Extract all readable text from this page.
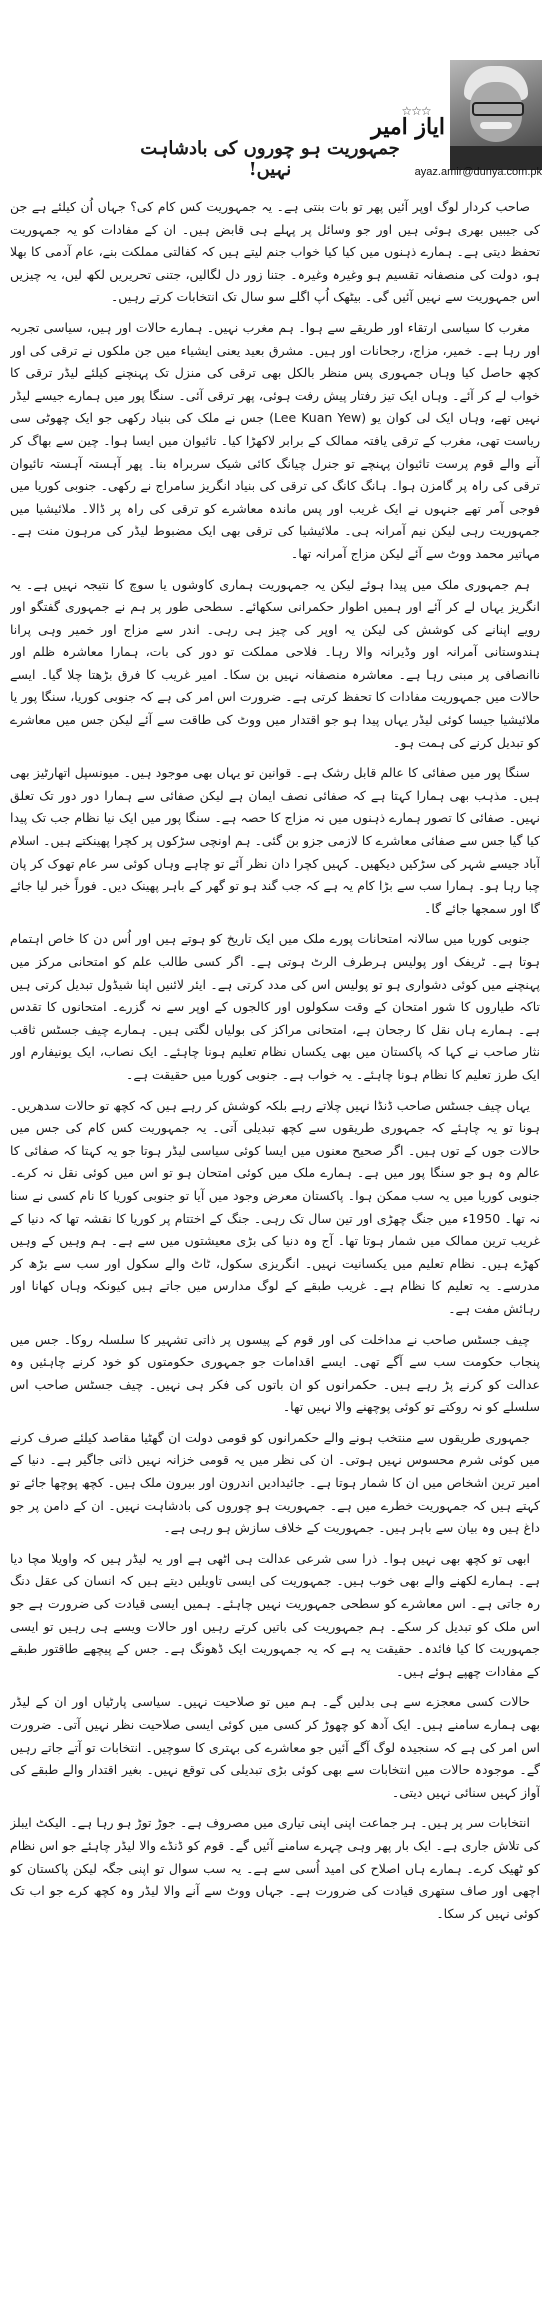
☆☆☆
ایاز امیر
جمہوریت ہو چوروں کی بادشاہت نہیں!	ayaz.amir@dunya.com.pk

صاحب کردار لوگ اوپر آئیں پھر تو بات بنتی ہے۔ یہ جمہوریت کس کام کی؟ جہاں اُن کیلئے ہے جن کی جیبیں بھری ہوئی ہیں اور جو وسائل پر پہلے ہی قابض ہیں۔ ان کے مفادات کو یہ جمہوریت تحفظ دیتی ہے۔ ہمارے ذہنوں میں کیا کیا خواب جنم لیتے ہیں کہ کفالتی مملکت بنے، عام آدمی کا بھلا ہو، دولت کی منصفانہ تقسیم ہو وغیرہ وغیرہ۔ جتنا زور دل لگالیں، جتنی تحریریں لکھ لیں، یہ چیزیں اس جمہوریت سے نہیں آئیں گی۔ بیٹھک اُپ اگلے سو سال تک انتخابات کرتے رہیں۔

مغرب کا سیاسی ارتقاء اور طریقے سے ہوا۔ ہم مغرب نہیں۔ ہمارے حالات اور ہیں، سیاسی تجربہ اور رہا ہے۔ خمیر، مزاج، رجحانات اور ہیں۔ مشرق بعید یعنی ایشیاء میں جن ملکوں نے ترقی کی اور کچھ حاصل کیا وہاں جمہوری پس منظر بالکل بھی ترقی کی منزل تک پہنچنے کیلئے لیڈر ترقی کا خواب لے کر آئے۔ وہاں ایک تیز رفتار پیش رفت ہوئی، پھر ترقی آئی۔ سنگا پور میں ہمارے جیسے لیڈر نہیں تھے، وہاں ایک لی کوان یو (Lee Kuan Yew) جس نے ملک کی بنیاد رکھی جو ایک چھوٹی سی ریاست تھی، مغرب کے ترقی یافتہ ممالک کے برابر لاکھڑا کیا۔ تائیوان میں ایسا ہوا۔ چین سے بھاگ کر آنے والے قوم پرست تائیوان پہنچے تو جنرل چیانگ کائی شیک سربراہ بنا۔ پھر آہستہ آہستہ تائیوان ترقی کی راہ پر گامزن ہوا۔ ہانگ کانگ کی ترقی کی بنیاد انگریز سامراج نے رکھی۔ جنوبی کوریا میں فوجی آمر تھے جنہوں نے ایک غریب اور پس ماندہ معاشرے کو ترقی کی راہ پر ڈالا۔ ملائیشیا میں جمہوریت رہی لیکن نیم آمرانہ ہی۔ ملائیشیا کی ترقی بھی ایک مضبوط لیڈر کی مرہون منت ہے۔ مہاتیر محمد ووٹ سے آئے لیکن مزاج آمرانہ تھا۔

ہم جمہوری ملک میں پیدا ہوئے لیکن یہ جمہوریت ہماری کاوشوں یا سوچ کا نتیجہ نہیں ہے۔ یہ انگریز یہاں لے کر آئے اور ہمیں اطوار حکمرانی سکھائے۔ سطحی طور پر ہم نے جمہوری گفتگو اور رویے اپنانے کی کوشش کی لیکن یہ اوپر کی چیز ہی رہی۔ اندر سے مزاج اور خمیر وہی پرانا ہندوستانی آمرانہ اور وڈیرانہ والا رہا۔ فلاحی مملکت تو دور کی بات، ہمارا معاشرہ ظلم اور ناانصافی پر مبنی رہا ہے۔ معاشرہ منصفانہ نہیں بن سکا۔ امیر غریب کا فرق بڑھتا چلا گیا۔ ایسے حالات میں جمہوریت مفادات کا تحفظ کرتی ہے۔ ضرورت اس امر کی ہے کہ جنوبی کوریا، سنگا پور یا ملائیشیا جیسا کوئی لیڈر یہاں پیدا ہو جو اقتدار میں ووٹ کی طاقت سے آئے لیکن جس میں معاشرے کو تبدیل کرنے کی ہمت ہو۔

سنگا پور میں صفائی کا عالم قابل رشک ہے۔ قوانین تو یہاں بھی موجود ہیں۔ میونسپل اتھارٹیز بھی ہیں۔ مذہب بھی ہمارا کہتا ہے کہ صفائی نصف ایمان ہے لیکن صفائی سے ہمارا دور دور تک تعلق نہیں۔ صفائی کا تصور ہمارے ذہنوں میں نہ مزاج کا حصہ ہے۔ سنگا پور میں ایک نیا نظام جب تک پیدا کیا گیا جس سے صفائی معاشرے کا لازمی جزو بن گئی۔ ہم اونچی سڑکوں پر کچرا پھینکتے ہیں۔ اسلام آباد جیسے شہر کی سڑکیں دیکھیں۔ کہیں کچرا دان نظر آئے تو چاہے وہاں کوئی سر عام تھوک کر پان چبا رہا ہو۔ ہمارا سب سے بڑا کام یہ ہے کہ جب گند ہو تو گھر کے باہر پھینک دیں۔ فوراً خبر لیا جائے گا اور سمجھا جائے گا۔

جنوبی کوریا میں سالانہ امتحانات پورے ملک میں ایک تاریخ کو ہوتے ہیں اور اُس دن کا خاص اہتمام ہوتا ہے۔ ٹریفک اور پولیس ہرطرف الرٹ ہوتی ہے۔ اگر کسی طالب علم کو امتحانی مرکز میں پہنچنے میں کوئی دشواری ہو تو پولیس اس کی مدد کرتی ہے۔ ایئر لائنیں اپنا شیڈول تبدیل کرتی ہیں تاکہ طیاروں کا شور امتحان کے وقت سکولوں اور کالجوں کے اوپر سے نہ گزرے۔ امتحانوں کا تقدس ہے۔ ہمارے ہاں نقل کا رجحان ہے، امتحانی مراکز کی بولیاں لگتی ہیں۔ ہمارے چیف جسٹس ثاقب نثار صاحب نے کہا کہ پاکستان میں بھی یکساں نظام تعلیم ہونا چاہئے۔ ایک نصاب، ایک یونیفارم اور ایک طرز تعلیم کا نظام ہونا چاہئے۔ یہ خواب ہے۔ جنوبی کوریا میں حقیقت ہے۔

یہاں چیف جسٹس صاحب ڈنڈا نہیں چلاتے رہے بلکہ کوشش کر رہے ہیں کہ کچھ تو حالات سدھریں۔ ہونا تو یہ چاہئے کہ جمہوری طریقوں سے کچھ تبدیلی آتی۔ یہ جمہوریت کس کام کی جس میں حالات جوں کے توں ہیں۔ اگر صحیح معنوں میں ایسا کوئی سیاسی لیڈر ہوتا جو یہ کہتا کہ صفائی کا عالم وہ ہو جو سنگا پور میں ہے۔ ہمارے ملک میں کوئی امتحان ہو تو اس میں کوئی نقل نہ کرے۔ جنوبی کوریا میں یہ سب ممکن ہوا۔ پاکستان معرض وجود میں آیا تو جنوبی کوریا کا نام کسی نے سنا نہ تھا۔ 1950ء میں جنگ چھڑی اور تین سال تک رہی۔ جنگ کے اختتام پر کوریا کا نقشہ تھا کہ دنیا کے غریب ترین ممالک میں شمار ہوتا تھا۔ آج وہ دنیا کی بڑی معیشتوں میں سے ہے۔ ہم وہیں کے وہیں کھڑے ہیں۔ نظام تعلیم میں یکسانیت نہیں۔ انگریزی سکول، ٹاٹ والے سکول اور سب سے بڑھ کر مدرسے۔ یہ تعلیم کا نظام ہے۔ غریب طبقے کے لوگ مدارس میں جاتے ہیں کیونکہ وہاں کھانا اور رہائش مفت ہے۔

چیف جسٹس صاحب نے مداخلت کی اور قوم کے پیسوں پر ذاتی تشہیر کا سلسلہ روکا۔ جس میں پنجاب حکومت سب سے آگے تھی۔ ایسے اقدامات جو جمہوری حکومتوں کو خود کرنے چاہئیں وہ عدالت کو کرنے پڑ رہے ہیں۔ حکمرانوں کو ان باتوں کی فکر ہی نہیں۔ چیف جسٹس صاحب اس سلسلے کو نہ روکتے تو کوئی پوچھنے والا نہیں تھا۔

جمہوری طریقوں سے منتخب ہونے والے حکمرانوں کو قومی دولت ان گھٹیا مقاصد کیلئے صرف کرنے میں کوئی شرم محسوس نہیں ہوتی۔ ان کی نظر میں یہ قومی خزانہ نہیں ذاتی جاگیر ہے۔ دنیا کے امیر ترین اشخاص میں ان کا شمار ہوتا ہے۔ جائیدادیں اندرون اور بیرون ملک ہیں۔ کچھ پوچھا جائے تو کہتے ہیں کہ جمہوریت خطرے میں ہے۔ جمہوریت ہو چوروں کی بادشاہت نہیں۔ ان کے دامن پر جو داغ ہیں وہ بیان سے باہر ہیں۔ جمہوریت کے خلاف سازش ہو رہی ہے۔

ابھی تو کچھ بھی نہیں ہوا۔ ذرا سی شرعی عدالت ہی اٹھی ہے اور یہ لیڈر ہیں کہ واویلا مچا دیا ہے۔ ہمارے لکھنے والے بھی خوب ہیں۔ جمہوریت کی ایسی تاویلیں دیتے ہیں کہ انسان کی عقل دنگ رہ جاتی ہے۔ اس معاشرے کو سطحی جمہوریت نہیں چاہئے۔ ہمیں ایسی قیادت کی ضرورت ہے جو اس ملک کو تبدیل کر سکے۔ ہم جمہوریت کی باتیں کرتے رہیں اور حالات ویسے ہی رہیں تو ایسی جمہوریت کا کیا فائدہ۔ حقیقت یہ ہے کہ یہ جمہوریت ایک ڈھونگ ہے۔ جس کے پیچھے طاقتور طبقے کے مفادات چھپے ہوئے ہیں۔

حالات کسی معجزے سے ہی بدلیں گے۔ ہم میں تو صلاحیت نہیں۔ سیاسی پارٹیاں اور ان کے لیڈر بھی ہمارے سامنے ہیں۔ ایک آدھ کو چھوڑ کر کسی میں کوئی ایسی صلاحیت نظر نہیں آتی۔ ضرورت اس امر کی ہے کہ سنجیدہ لوگ آگے آئیں جو معاشرے کی بہتری کا سوچیں۔ انتخابات تو آتے جاتے رہیں گے۔ موجودہ حالات میں انتخابات سے بھی کوئی بڑی تبدیلی کی توقع نہیں۔ بغیر اقتدار والے طبقے کی آواز کہیں سنائی نہیں دیتی۔

انتخابات سر پر ہیں۔ ہر جماعت اپنی اپنی تیاری میں مصروف ہے۔ جوڑ توڑ ہو رہا ہے۔ الیکٹ ایبلز کی تلاش جاری ہے۔ ایک بار پھر وہی چہرے سامنے آئیں گے۔ قوم کو ڈنڈے والا لیڈر چاہئے جو اس نظام کو ٹھیک کرے۔ ہمارے ہاں اصلاح کی امید اُسی سے ہے۔ یہ سب سوال تو اپنی جگہ لیکن پاکستان کو اچھی اور صاف ستھری قیادت کی ضرورت ہے۔ جہاں ووٹ سے آنے والا لیڈر وہ کچھ کرے جو اب تک کوئی نہیں کر سکا۔
